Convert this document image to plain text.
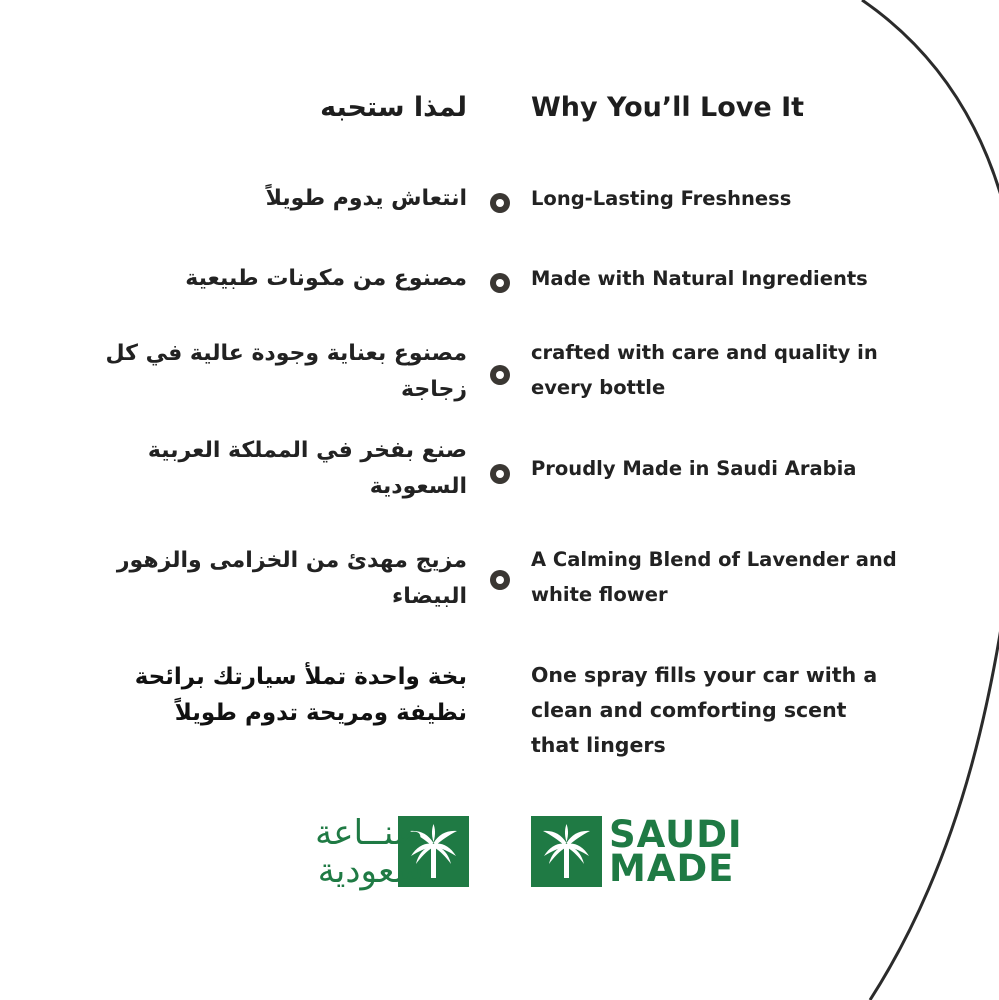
لمذا ستحبه Why You’ll Love It
انتعاش يدوم طويلاً	Long-Lasting Freshness
مصنوع من مكونات طبيعية	Made with Natural Ingredients
مصنوع بعناية وجودة عالية في كل زجاجة
crafted with care and quality in every bottle
صنع بفخر في المملكة العربية السعودية
Proudly Made in Saudi Arabia
مزيج مهدئ من الخزامى والزهور البيضاء
A Calming Blend of Lavender and white flower
بخة واحدة تملأ سيارتك برائحة نظيفة ومريحة تدوم طويلاً
One spray fills your car with a clean and comforting scent that lingers
صنــاعة
سعودية
SAUDI
MADE
